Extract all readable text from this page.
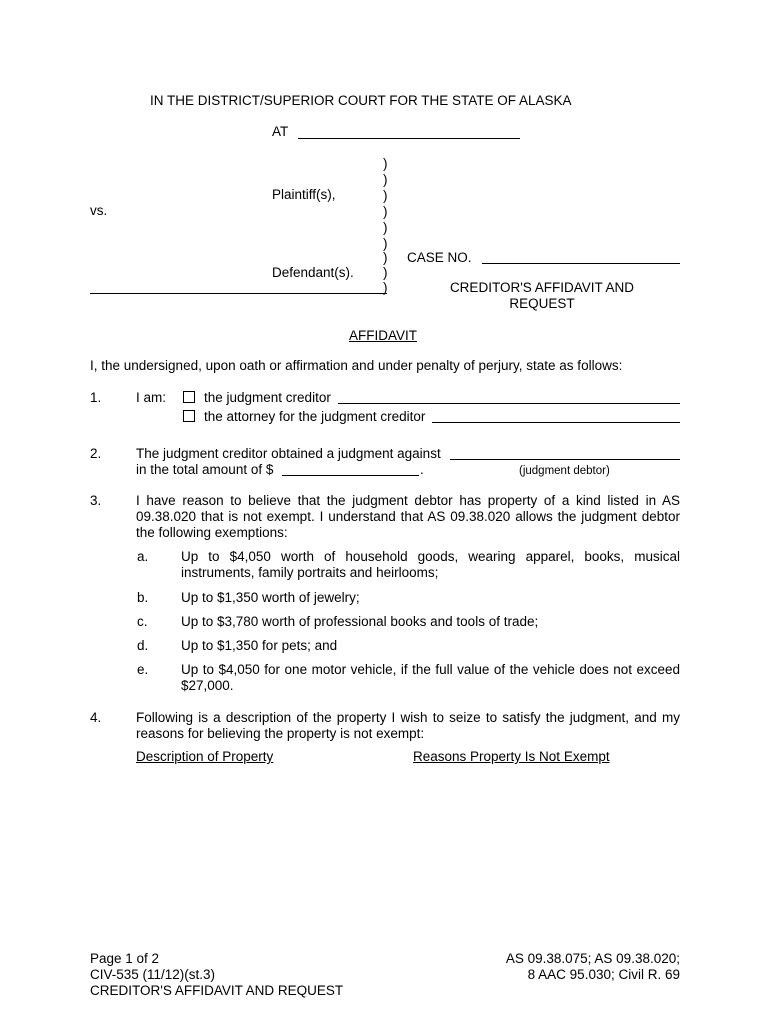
IN THE DISTRICT/SUPERIOR COURT FOR THE STATE OF ALASKA
AT
)
)
)
)
)
)
)
)
)
Plaintiff(s),
vs.
Defendant(s).
CASE NO.
CREDITOR'S AFFIDAVIT AND
REQUEST
AFFIDAVIT
I, the undersigned, upon oath or affirmation and under penalty of perjury, state as follows:
1.	I am:	the judgment creditor
the attorney for the judgment creditor
2.	The judgment creditor obtained a judgment against
in the total amount of $	.	(judgment debtor)
3.	I have reason to believe that the judgment debtor has property of a kind listed in AS 09.38.020 that is not exempt. I understand that AS 09.38.020 allows the judgment debtor the following exemptions:
a. Up to $4,050 worth of household goods, wearing apparel, books, musical instruments, family portraits and heirlooms;
b. Up to $1,350 worth of jewelry;
c. Up to $3,780 worth of professional books and tools of trade;
d. Up to $1,350 for pets; and
e. Up to $4,050 for one motor vehicle, if the full value of the vehicle does not exceed $27,000.
4.	Following is a description of the property I wish to seize to satisfy the judgment, and my reasons for believing the property is not exempt:
Description of Property	Reasons Property Is Not Exempt
Page 1 of 2
CIV-535 (11/12)(st.3)
CREDITOR'S AFFIDAVIT AND REQUEST
AS 09.38.075; AS 09.38.020;
8 AAC 95.030; Civil R. 69
